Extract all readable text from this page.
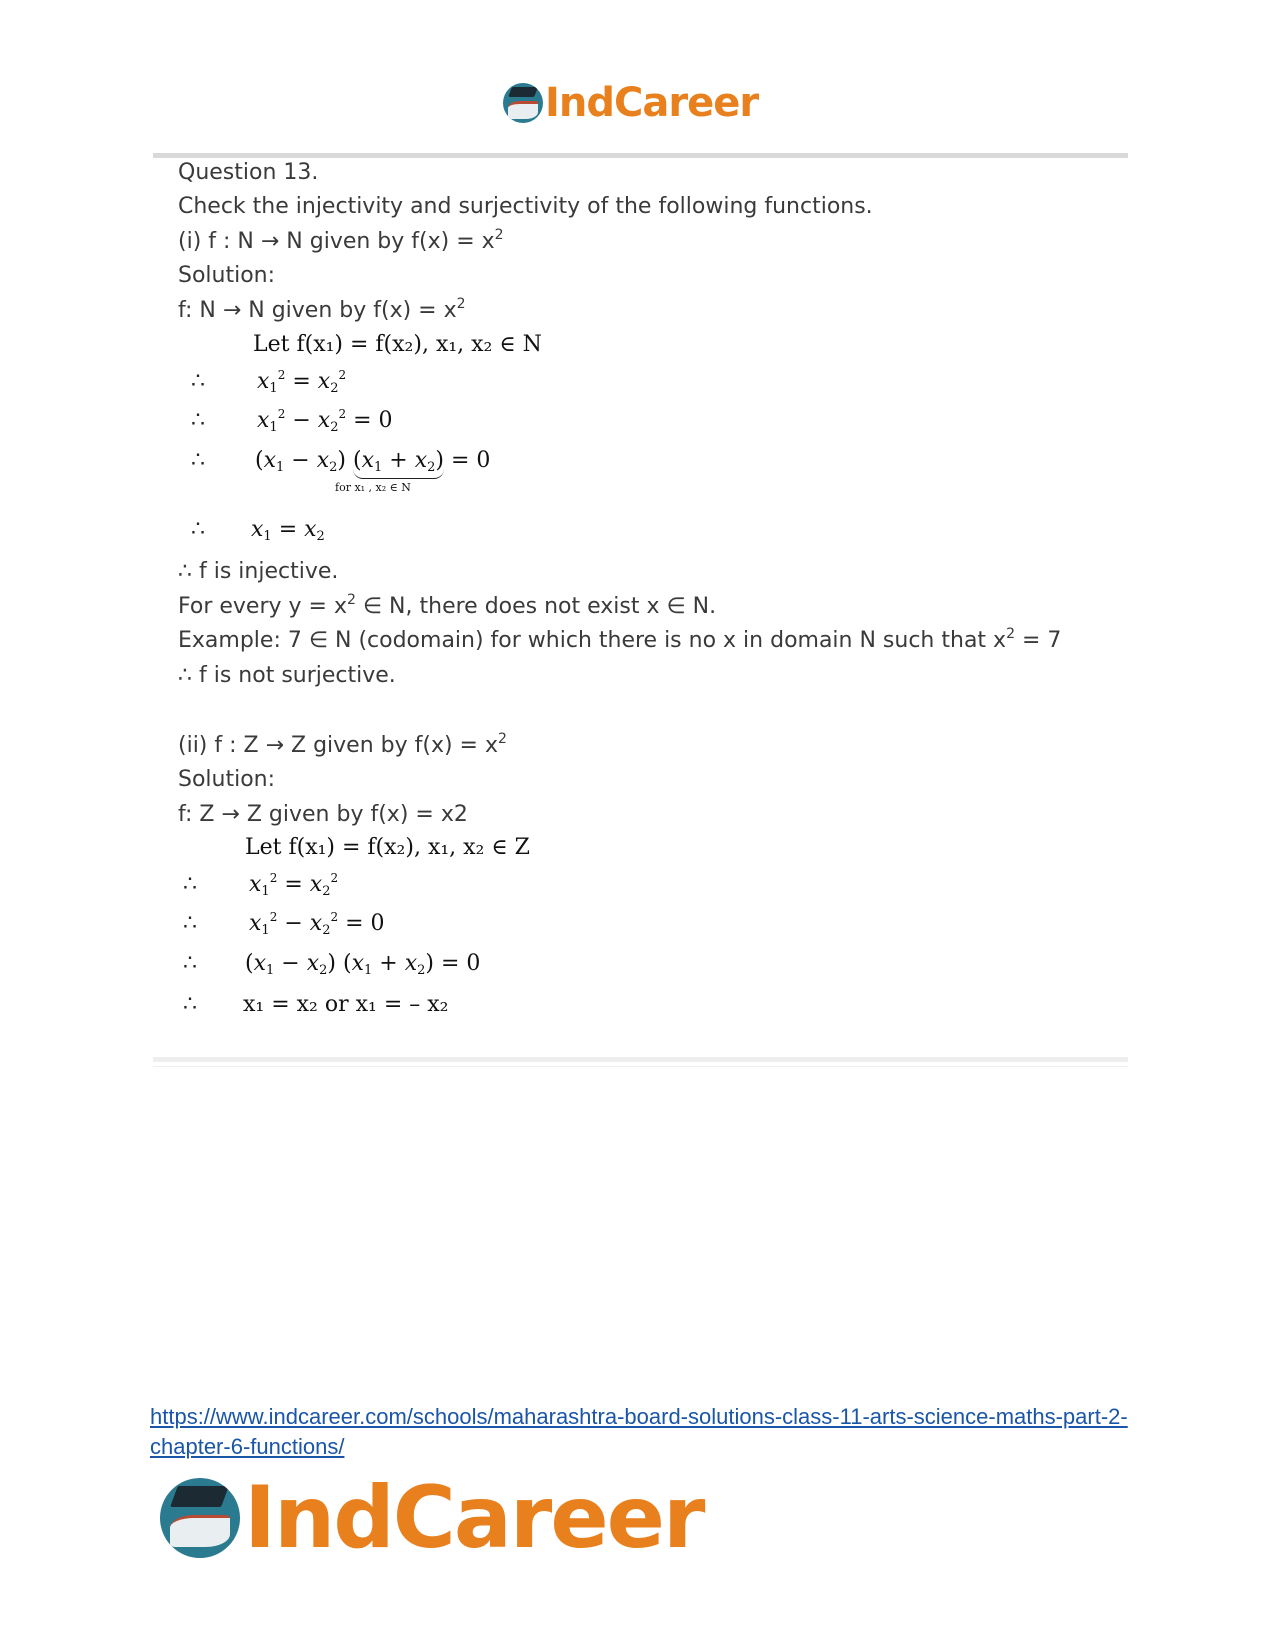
IndCareer
Question 13.
Check the injectivity and surjectivity of the following functions.
(i) f : N → N given by $f(x) = x^2$
Solution:
f: N → N given by $f(x) = x^2$
Let f(x₁) = f(x₂), x₁, x₂ ∈ N
∴ $x_1^2 = x_2^2$
∴ $x_1^2 - x_2^2 = 0$
∴ $(x_1 - x_2) (x_1 + x_2) = 0$
for x₁ , x₂ ∈ N
∴ $x_1 = x_2$
∴ f is injective.
For every $y = x^2$ ∈ N, there does not exist x ∈ N.
Example: 7 ∈ N (codomain) for which there is no x in domain N such that $x^2 = 7$
∴ f is not surjective.
(ii) f : Z → Z given by $f(x) = x^2$
Solution:
f: Z → Z given by f(x) = x2
Let f(x₁) = f(x₂), x₁, x₂ ∈ Z
∴ $x_1^2 = x_2^2$
∴ $x_1^2 - x_2^2 = 0$
∴ $(x_1 - x_2) (x_1 + x_2) = 0$
∴ x₁ = x₂ or x₁ = – x₂
https://www.indcareer.com/schools/maharashtra-board-solutions-class-11-arts-science-maths-part-2-chapter-6-functions/
IndCareer
